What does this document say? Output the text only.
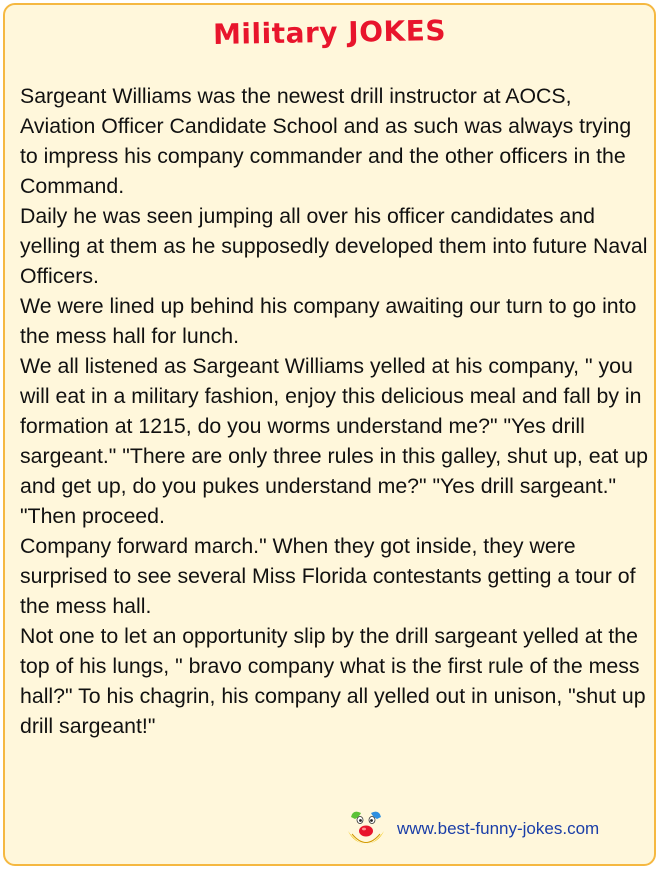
Military JOKES

Sargeant Williams was the newest drill instructor at AOCS, Aviation Officer Candidate School and as such was always trying to impress his company commander and the other officers in the Command.

Daily he was seen jumping all over his officer candidates and yelling at them as he supposedly developed them into future Naval Officers.

We were lined up behind his company awaiting our turn to go into the mess hall for lunch.

We all listened as Sargeant Williams yelled at his company, " you will eat in a military fashion, enjoy this delicious meal and fall by in formation at 1215, do you worms understand me?" "Yes drill sargeant." "There are only three rules in this galley, shut up, eat up and get up, do you pukes understand me?" "Yes drill sargeant." "Then proceed.

Company forward march." When they got inside, they were surprised to see several Miss Florida contestants getting a tour of the mess hall.

Not one to let an opportunity slip by the drill sargeant yelled at the top of his lungs, " bravo company what is the first rule of the mess hall?" To his chagrin, his company all yelled out in unison, "shut up drill sargeant!"

www.best-funny-jokes.com
